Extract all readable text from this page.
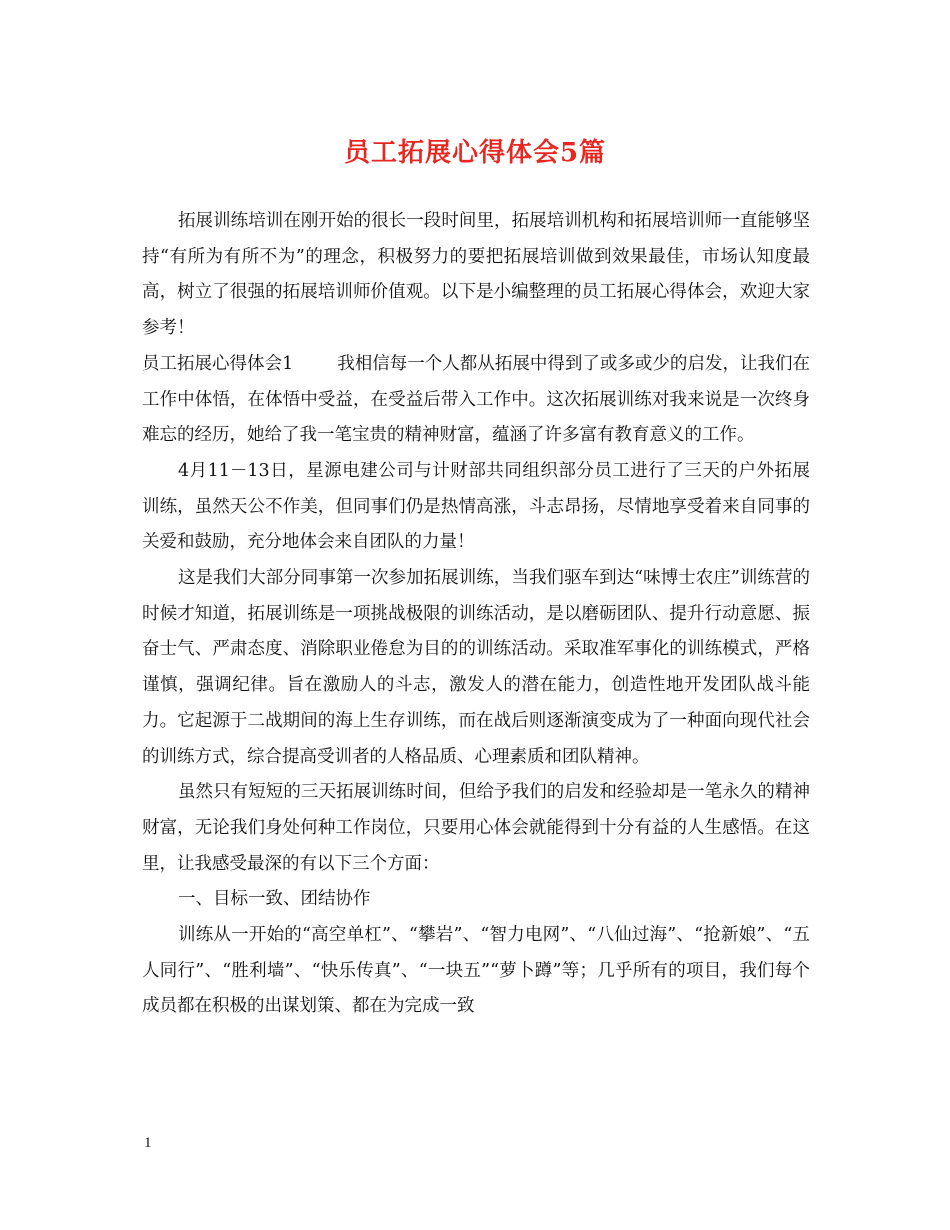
员工拓展心得体会5篇

拓展训练培训在刚开始的很长一段时间里，拓展培训机构和拓展培训师一直能够坚持“有所为有所不为”的理念，积极努力的要把拓展培训做到效果最佳，市场认知度最高，树立了很强的拓展培训师价值观。以下是小编整理的员工拓展心得体会，欢迎大家参考！

员工拓展心得体会1	我相信每一个人都从拓展中得到了或多或少的启发，让我们在工作中体悟，在体悟中受益，在受益后带入工作中。这次拓展训练对我来说是一次终身难忘的经历，她给了我一笔宝贵的精神财富，蕴涵了许多富有教育意义的工作。

4月11－13日，星源电建公司与计财部共同组织部分员工进行了三天的户外拓展训练，虽然天公不作美，但同事们仍是热情高涨，斗志昂扬，尽情地享受着来自同事的关爱和鼓励，充分地体会来自团队的力量！

这是我们大部分同事第一次参加拓展训练，当我们驱车到达“味博士农庄”训练营的时候才知道，拓展训练是一项挑战极限的训练活动，是以磨砺团队、提升行动意愿、振奋士气、严肃态度、消除职业倦怠为目的的训练活动。采取准军事化的训练模式，严格谨慎，强调纪律。旨在激励人的斗志，激发人的潜在能力，创造性地开发团队战斗能力。它起源于二战期间的海上生存训练，而在战后则逐渐演变成为了一种面向现代社会的训练方式，综合提高受训者的人格品质、心理素质和团队精神。

虽然只有短短的三天拓展训练时间，但给予我们的启发和经验却是一笔永久的精神财富，无论我们身处何种工作岗位，只要用心体会就能得到十分有益的人生感悟。在这里，让我感受最深的有以下三个方面：

一、目标一致、团结协作

训练从一开始的“高空单杠”、“攀岩”、“智力电网”、“八仙过海”、“抢新娘”、“五人同行”、“胜利墙”、“快乐传真”、“一块五”“萝卜蹲”等；几乎所有的项目，我们每个成员都在积极的出谋划策、都在为完成一致

1
